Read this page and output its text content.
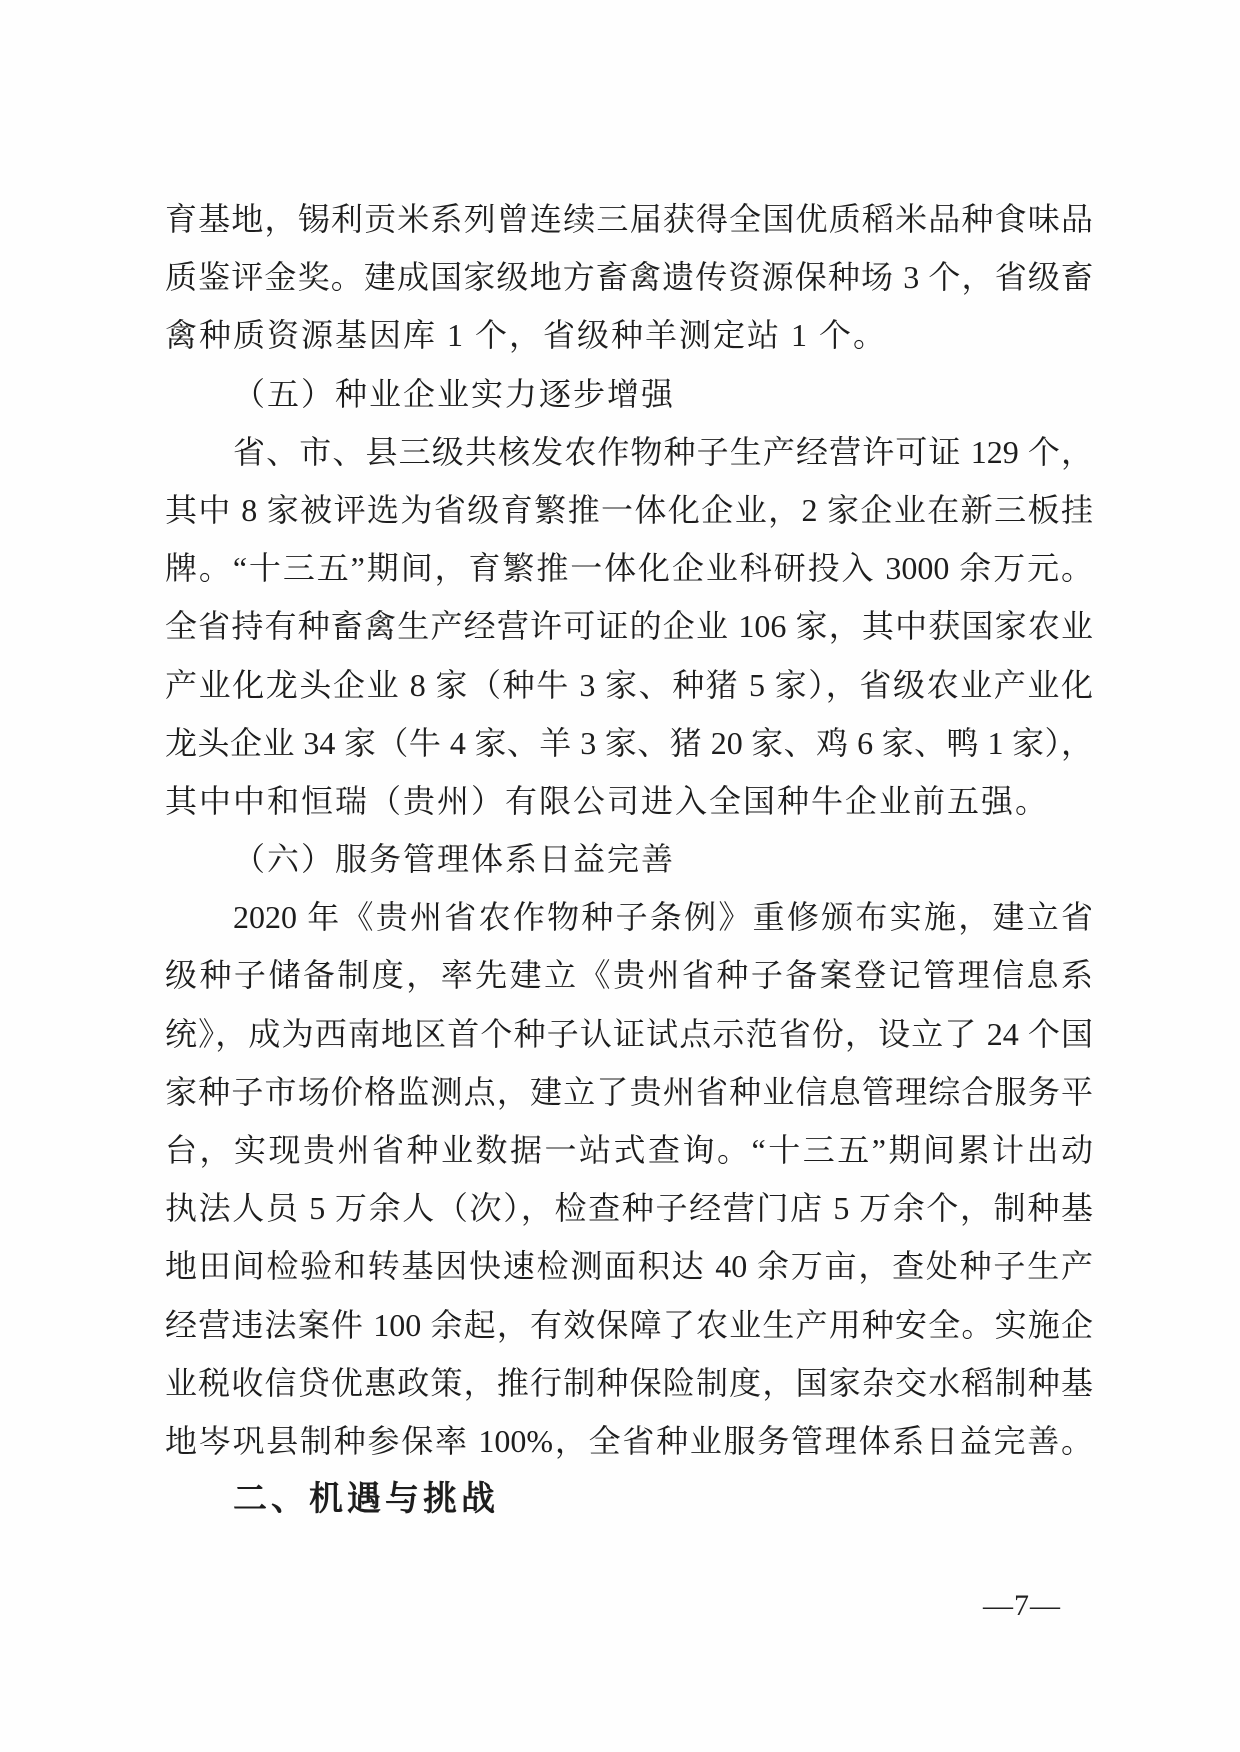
育基地，锡利贡米系列曾连续三届获得全国优质稻米品种食味品
质鉴评金奖。建成国家级地方畜禽遗传资源保种场 3 个，省级畜
禽种质资源基因库 1 个，省级种羊测定站 1 个。
（五）种业企业实力逐步增强
省、市、县三级共核发农作物种子生产经营许可证 129 个，
其中 8 家被评选为省级育繁推一体化企业，2 家企业在新三板挂
牌。“十三五”期间，育繁推一体化企业科研投入 3000 余万元。
全省持有种畜禽生产经营许可证的企业 106 家，其中获国家农业
产业化龙头企业 8 家（种牛 3 家、种猪 5 家），省级农业产业化
龙头企业 34 家（牛 4 家、羊 3 家、猪 20 家、鸡 6 家、鸭 1 家），
其中中和恒瑞（贵州）有限公司进入全国种牛企业前五强。
（六）服务管理体系日益完善
2020 年《贵州省农作物种子条例》重修颁布实施，建立省
级种子储备制度，率先建立《贵州省种子备案登记管理信息系
统》，成为西南地区首个种子认证试点示范省份，设立了 24 个国
家种子市场价格监测点，建立了贵州省种业信息管理综合服务平
台，实现贵州省种业数据一站式查询。“十三五”期间累计出动
执法人员 5 万余人（次），检查种子经营门店 5 万余个，制种基
地田间检验和转基因快速检测面积达 40 余万亩，查处种子生产
经营违法案件 100 余起，有效保障了农业生产用种安全。实施企
业税收信贷优惠政策，推行制种保险制度，国家杂交水稻制种基
地岑巩县制种参保率 100%，全省种业服务管理体系日益完善。
二、机遇与挑战
—7—
